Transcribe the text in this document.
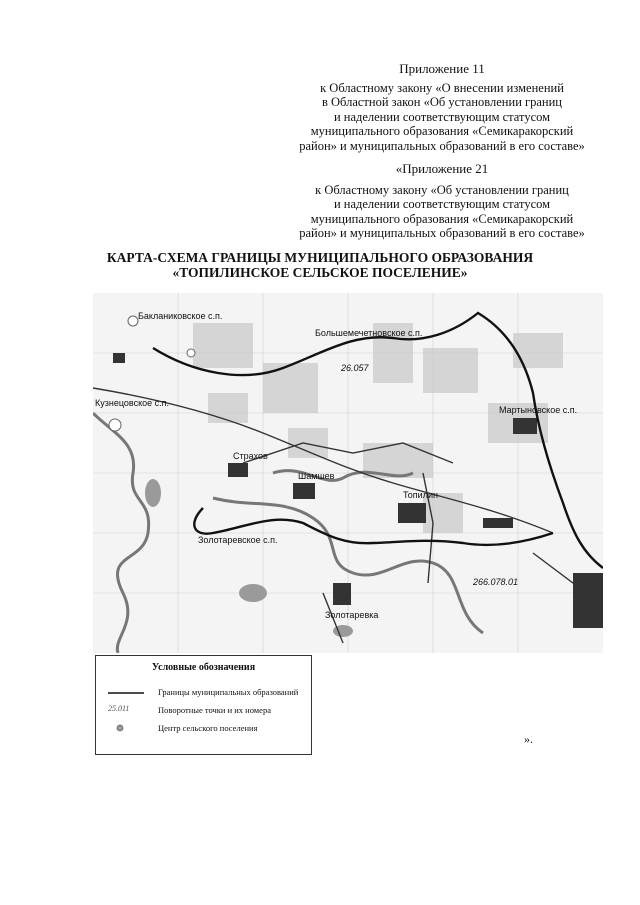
Приложение 11
к Областному закону «О внесении изменений
в Областной закон «Об установлении границ
и наделении соответствующим статусом
муниципального образования «Семикаракорский
район» и муниципальных образований в его составе»
«Приложение 21
к Областному закону «Об установлении границ
и наделении соответствующим статусом
муниципального образования «Семикаракорский
район» и муниципальных образований в его составе»
КАРТА-СХЕМА ГРАНИЦЫ МУНИЦИПАЛЬНОГО ОБРАЗОВАНИЯ
«ТОПИЛИНСКОЕ СЕЛЬСКОЕ ПОСЕЛЕНИЕ»
Бакланиковское с.п.
Кузнецовское с.п.
Большемечетновское с.п.
Мартыновское с.п.
Золотаревское с.п.
Страхов
Шамшев
Топилин
Золотаревка
26.057
266.078.01
Условные обозначения
Границы муниципальных образований
25.011	Поворотные точки и их номера
Центр сельского поселения
».
